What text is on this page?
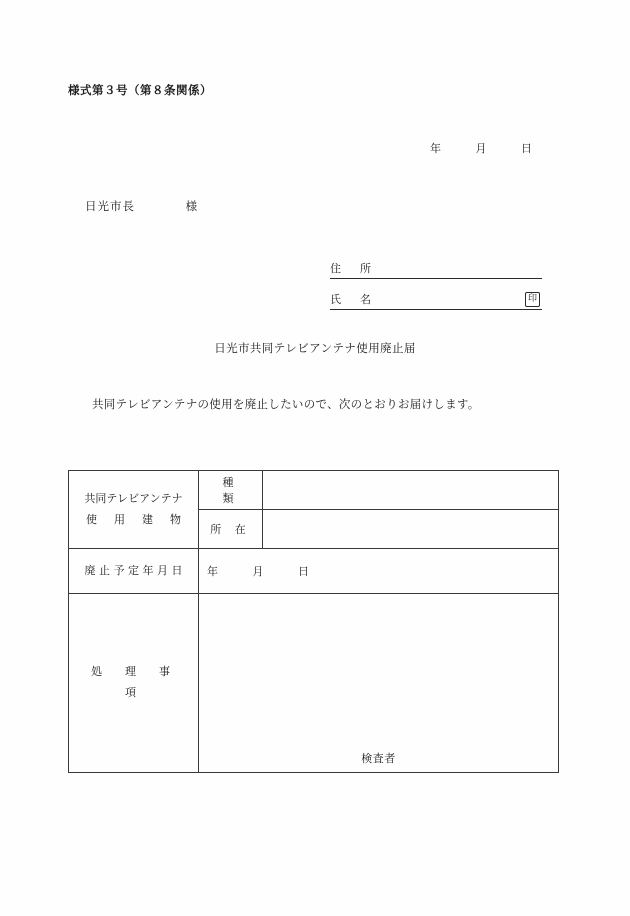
様式第３号（第８条関係）
年	月	日
日光市長	様
住　所
氏　名	印
日光市共同テレビアンテナ使用廃止届
共同テレビアンテナの使用を廃止したいので、次のとおりお届けします。
共同テレビアンテナ
使　用　建　物	種　類	
	所 在	
廃 止 予 定 年 月 日	年 月 日	
処　理　事　項	検査者	
